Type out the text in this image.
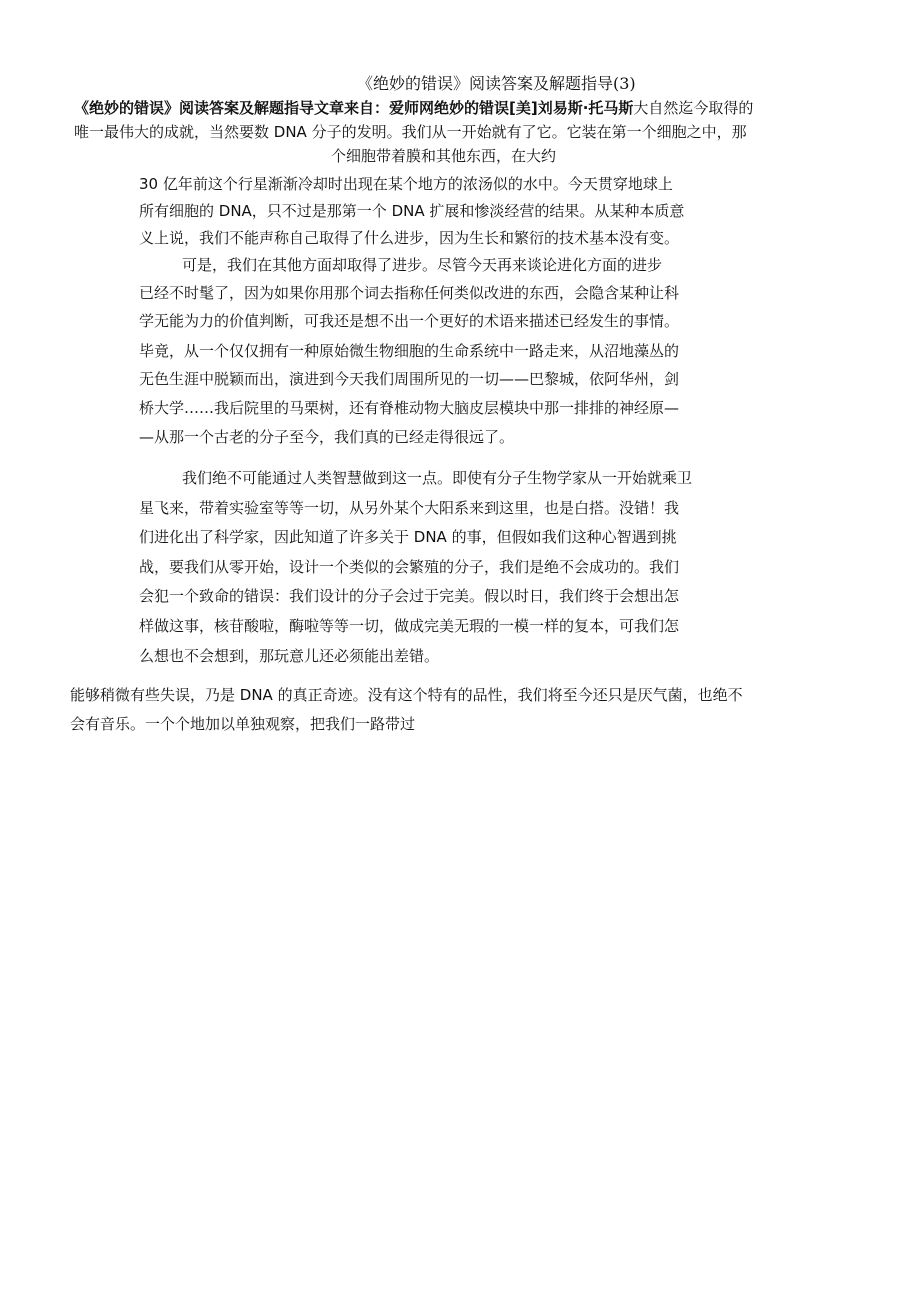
《绝妙的错误》阅读答案及解题指导(3)

《绝妙的错误》阅读答案及解题指导文章来自：爱师网绝妙的错误[美]刘易斯·托马斯大自然迄今取得的

唯一最伟大的成就，当然要数 DNA 分子的发明。我们从一开始就有了它。它装在第一个细胞之中，那

个细胞带着膜和其他东西，在大约

30 亿年前这个行星渐渐冷却时出现在某个地方的浓汤似的水中。今天贯穿地球上

所有细胞的 DNA，只不过是那第一个 DNA 扩展和惨淡经营的结果。从某种本质意

义上说，我们不能声称自己取得了什么进步，因为生长和繁衍的技术基本没有变。

可是，我们在其他方面却取得了进步。尽管今天再来谈论进化方面的进步

已经不时髦了，因为如果你用那个词去指称任何类似改进的东西，会隐含某种让科

学无能为力的价值判断，可我还是想不出一个更好的术语来描述已经发生的事情。

毕竟，从一个仅仅拥有一种原始微生物细胞的生命系统中一路走来，从沼地藻丛的

无色生涯中脱颖而出，演进到今天我们周围所见的一切——巴黎城，依阿华州，剑

桥大学……我后院里的马栗树，还有脊椎动物大脑皮层模块中那一排排的神经原—

—从那一个古老的分子至今，我们真的已经走得很远了。

我们绝不可能通过人类智慧做到这一点。即使有分子生物学家从一开始就乘卫

星飞来，带着实验室等等一切，从另外某个大阳系来到这里，也是白搭。没错！我

们进化出了科学家，因此知道了许多关于 DNA 的事，但假如我们这种心智遇到挑

战，要我们从零开始，设计一个类似的会繁殖的分子，我们是绝不会成功的。我们

会犯一个致命的错误：我们设计的分子会过于完美。假以时日，我们终于会想出怎

样做这事，核苷酸啦，酶啦等等一切，做成完美无瑕的一模一样的复本，可我们怎

么想也不会想到，那玩意儿还必须能出差错。

能够稍微有些失误，乃是 DNA 的真正奇迹。没有这个特有的品性，我们将至今还只是厌气菌，也绝不

会有音乐。一个个地加以单独观察，把我们一路带过
